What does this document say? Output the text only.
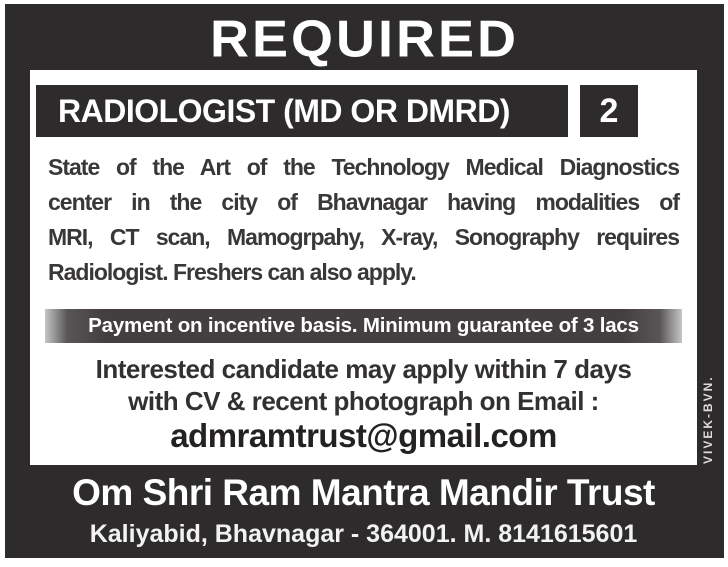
REQUIRED
RADIOLOGIST (MD OR DMRD)	2
State of the Art of the Technology Medical Diagnostics
center in the city of Bhavnagar having modalities of
MRI, CT scan, Mamogrpahy, X-ray, Sonography requires
Radiologist. Freshers can also apply.
Payment on incentive basis. Minimum guarantee of 3 lacs
Interested candidate may apply within 7 days
with CV & recent photograph on Email :
admramtrust@gmail.com
Om Shri Ram Mantra Mandir Trust
Kaliyabid, Bhavnagar - 364001. M. 8141615601
VIVEK-BVN.
